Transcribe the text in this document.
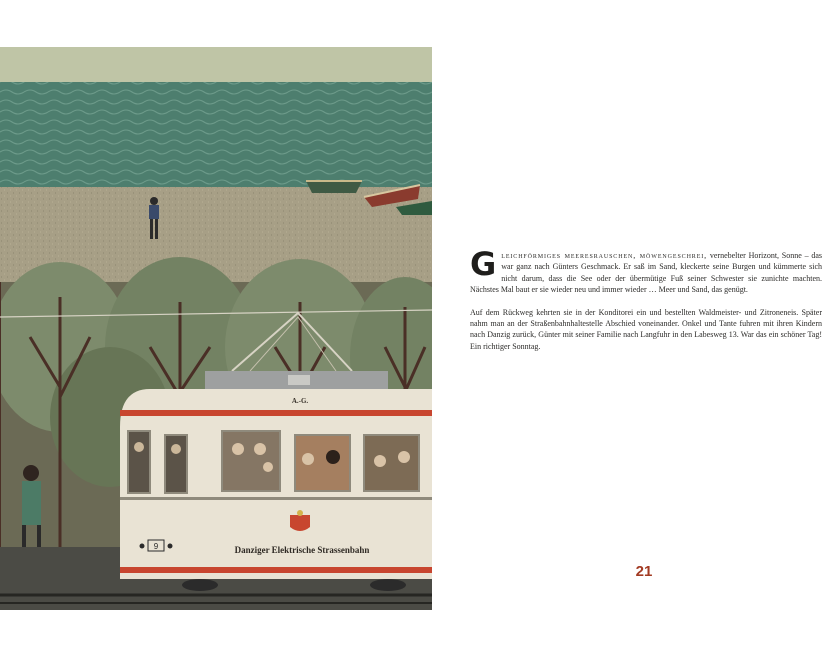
A.-G.
9	Danziger Elektrische Strassenbahn

Gleichförmiges meeresrauschen, möwengeschrei, vernebelter Horizont, Sonne – das war ganz nach Günters Geschmack. Er saß im Sand, kleckerte seine Burgen und kümmerte sich nicht darum, dass die See oder der übermütige Fuß seiner Schwester sie zunichte machten. Nächstes Mal baut er sie wieder neu und immer wieder … Meer und Sand, das genügt.

Auf dem Rückweg kehrten sie in der Konditorei ein und bestellten Waldmeister- und Zitroneneis. Später nahm man an der Straßenbahnhaltestelle Abschied voneinander. Onkel und Tante fuhren mit ihren Kindern nach Danzig zurück, Günter mit seiner Familie nach Langfuhr in den Labesweg 13. War das ein schöner Tag! Ein richtiger Sonntag.

21
